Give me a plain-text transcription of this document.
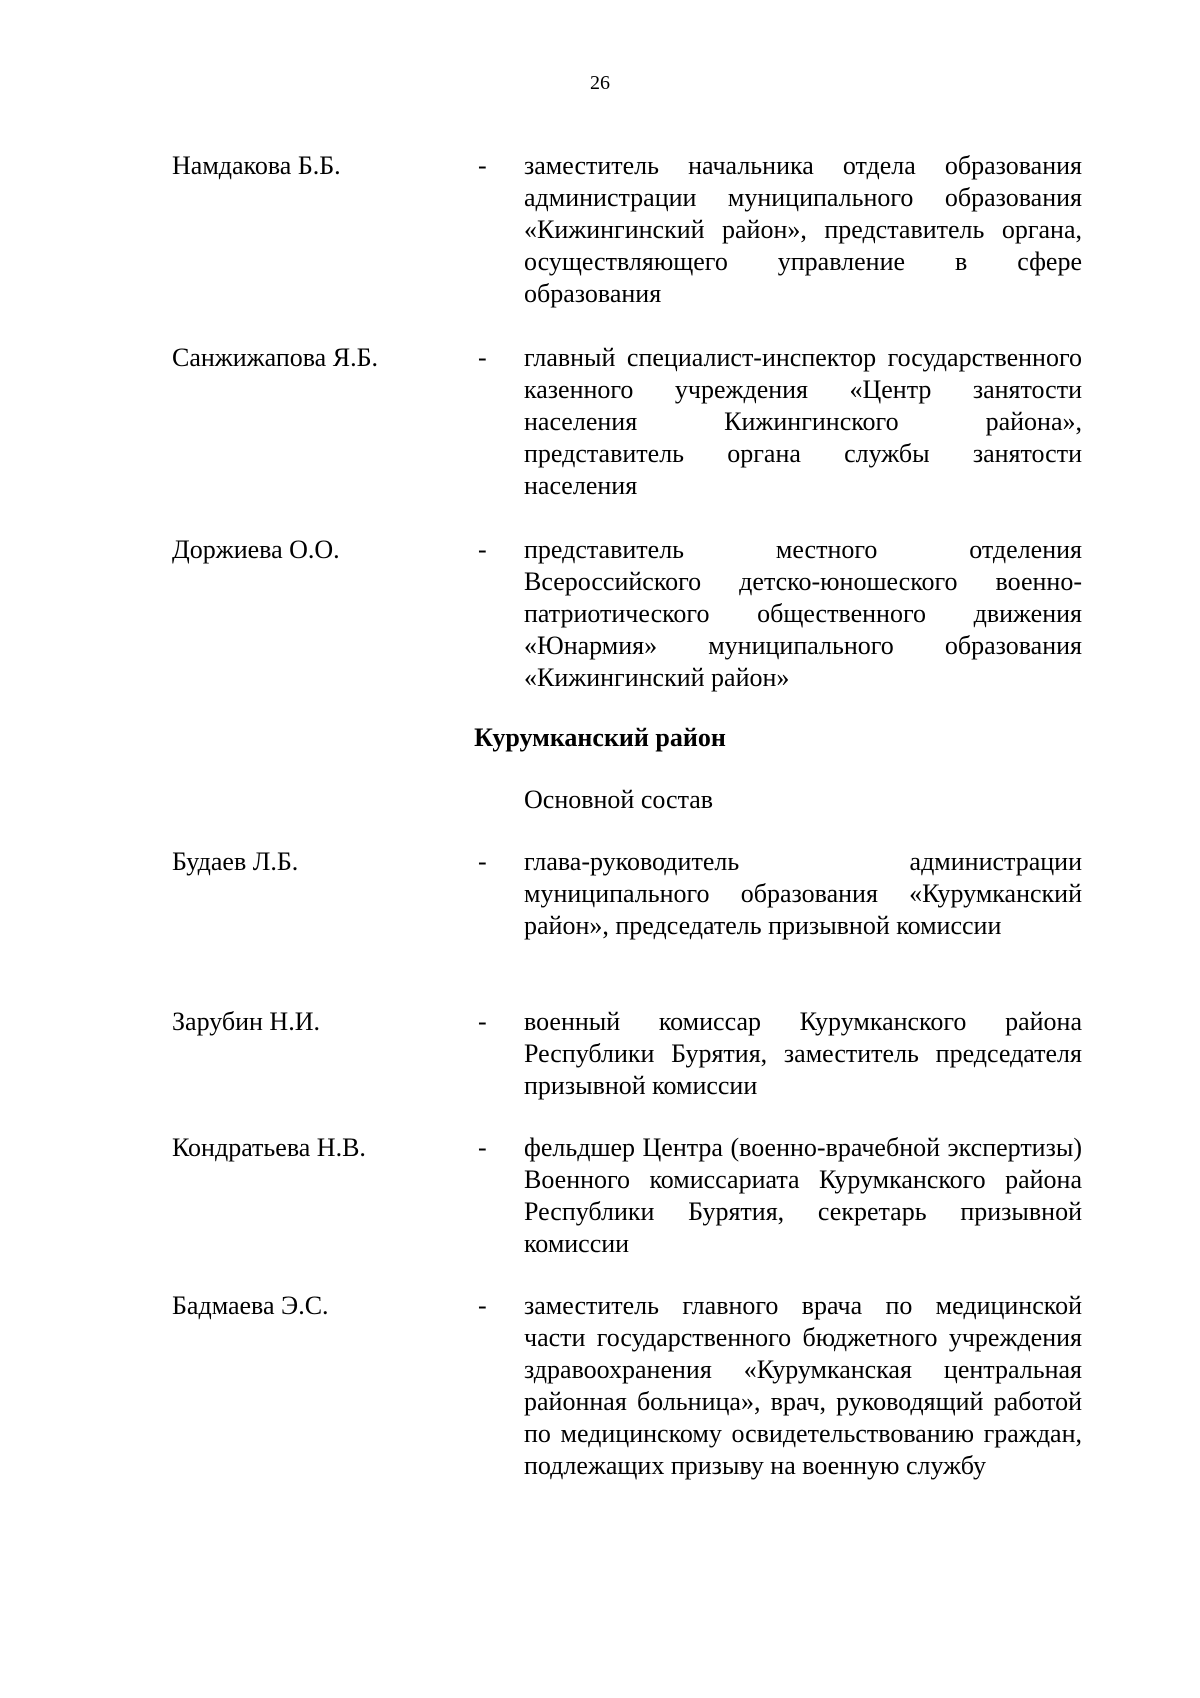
26
Намдакова Б.Б.	- заместитель начальника отдела образования администрации муниципального образования «Кижингинский район», представитель органа, осуществляющего управление в сфере образования
Санжижапова Я.Б.	- главный специалист-инспектор государственного казенного учреждения «Центр занятости населения Кижингинского района», представитель органа службы занятости населения
Доржиева О.О.	- представитель местного отделения Всероссийского детско-юношеского военно-патриотического общественного движения «Юнармия» муниципального образования «Кижингинский район»
Курумканский район
Основной состав
Будаев Л.Б.	- глава-руководитель администрации муниципального образования «Курумканский район», председатель призывной комиссии
Зарубин Н.И.	- военный комиссар Курумканского района Республики Бурятия, заместитель председателя призывной комиссии
Кондратьева Н.В.	- фельдшер Центра (военно-врачебной экспертизы) Военного комиссариата Курумканского района Республики Бурятия, секретарь призывной комиссии
Бадмаева Э.С.	- заместитель главного врача по медицинской части государственного бюджетного учреждения здравоохранения «Курумканская центральная районная больница», врач, руководящий работой по медицинскому освидетельствованию граждан, подлежащих призыву на военную службу
